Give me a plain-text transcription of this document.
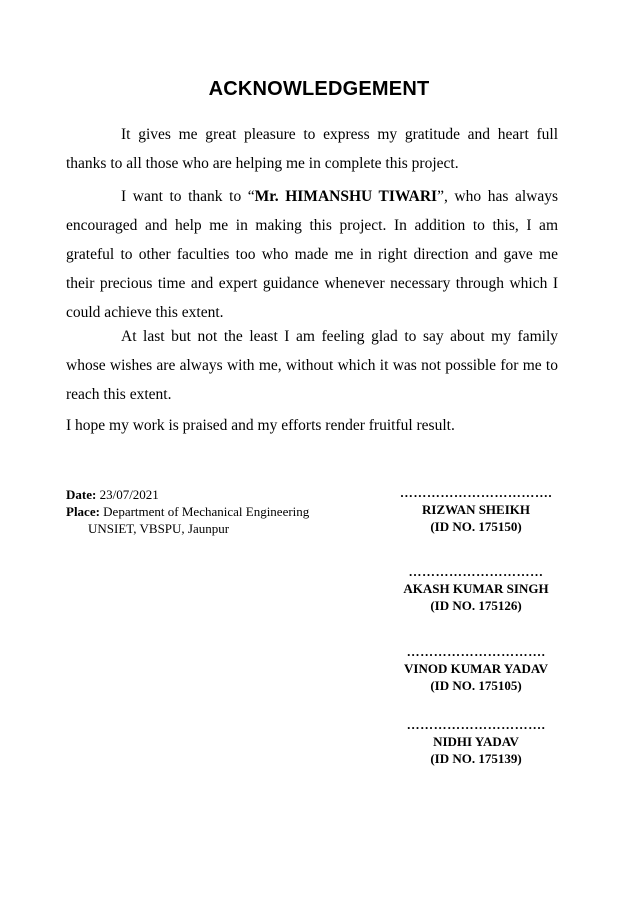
ACKNOWLEDGEMENT
It gives me great pleasure to express my gratitude and heart full thanks to all those who are helping me in complete this project.
I want to thank to “Mr. HIMANSHU TIWARI”, who has always encouraged and help me in making this project. In addition to this, I am grateful to other faculties too who made me in right direction and gave me their precious time and expert guidance whenever necessary through which I could achieve this extent.
At last but not the least I am feeling glad to say about my family whose wishes are always with me, without which it was not possible for me to reach this extent.
I hope my work is praised and my efforts render fruitful result.
Date: 23/07/2021
Place: Department of Mechanical Engineering
UNSIET, VBSPU, Jaunpur
…………………………….
RIZWAN SHEIKH
(ID NO. 175150)
…………………………
AKASH KUMAR SINGH
(ID NO. 175126)
………………………….
VINOD KUMAR YADAV
(ID NO. 175105)
………………………….
NIDHI YADAV
(ID NO. 175139)
